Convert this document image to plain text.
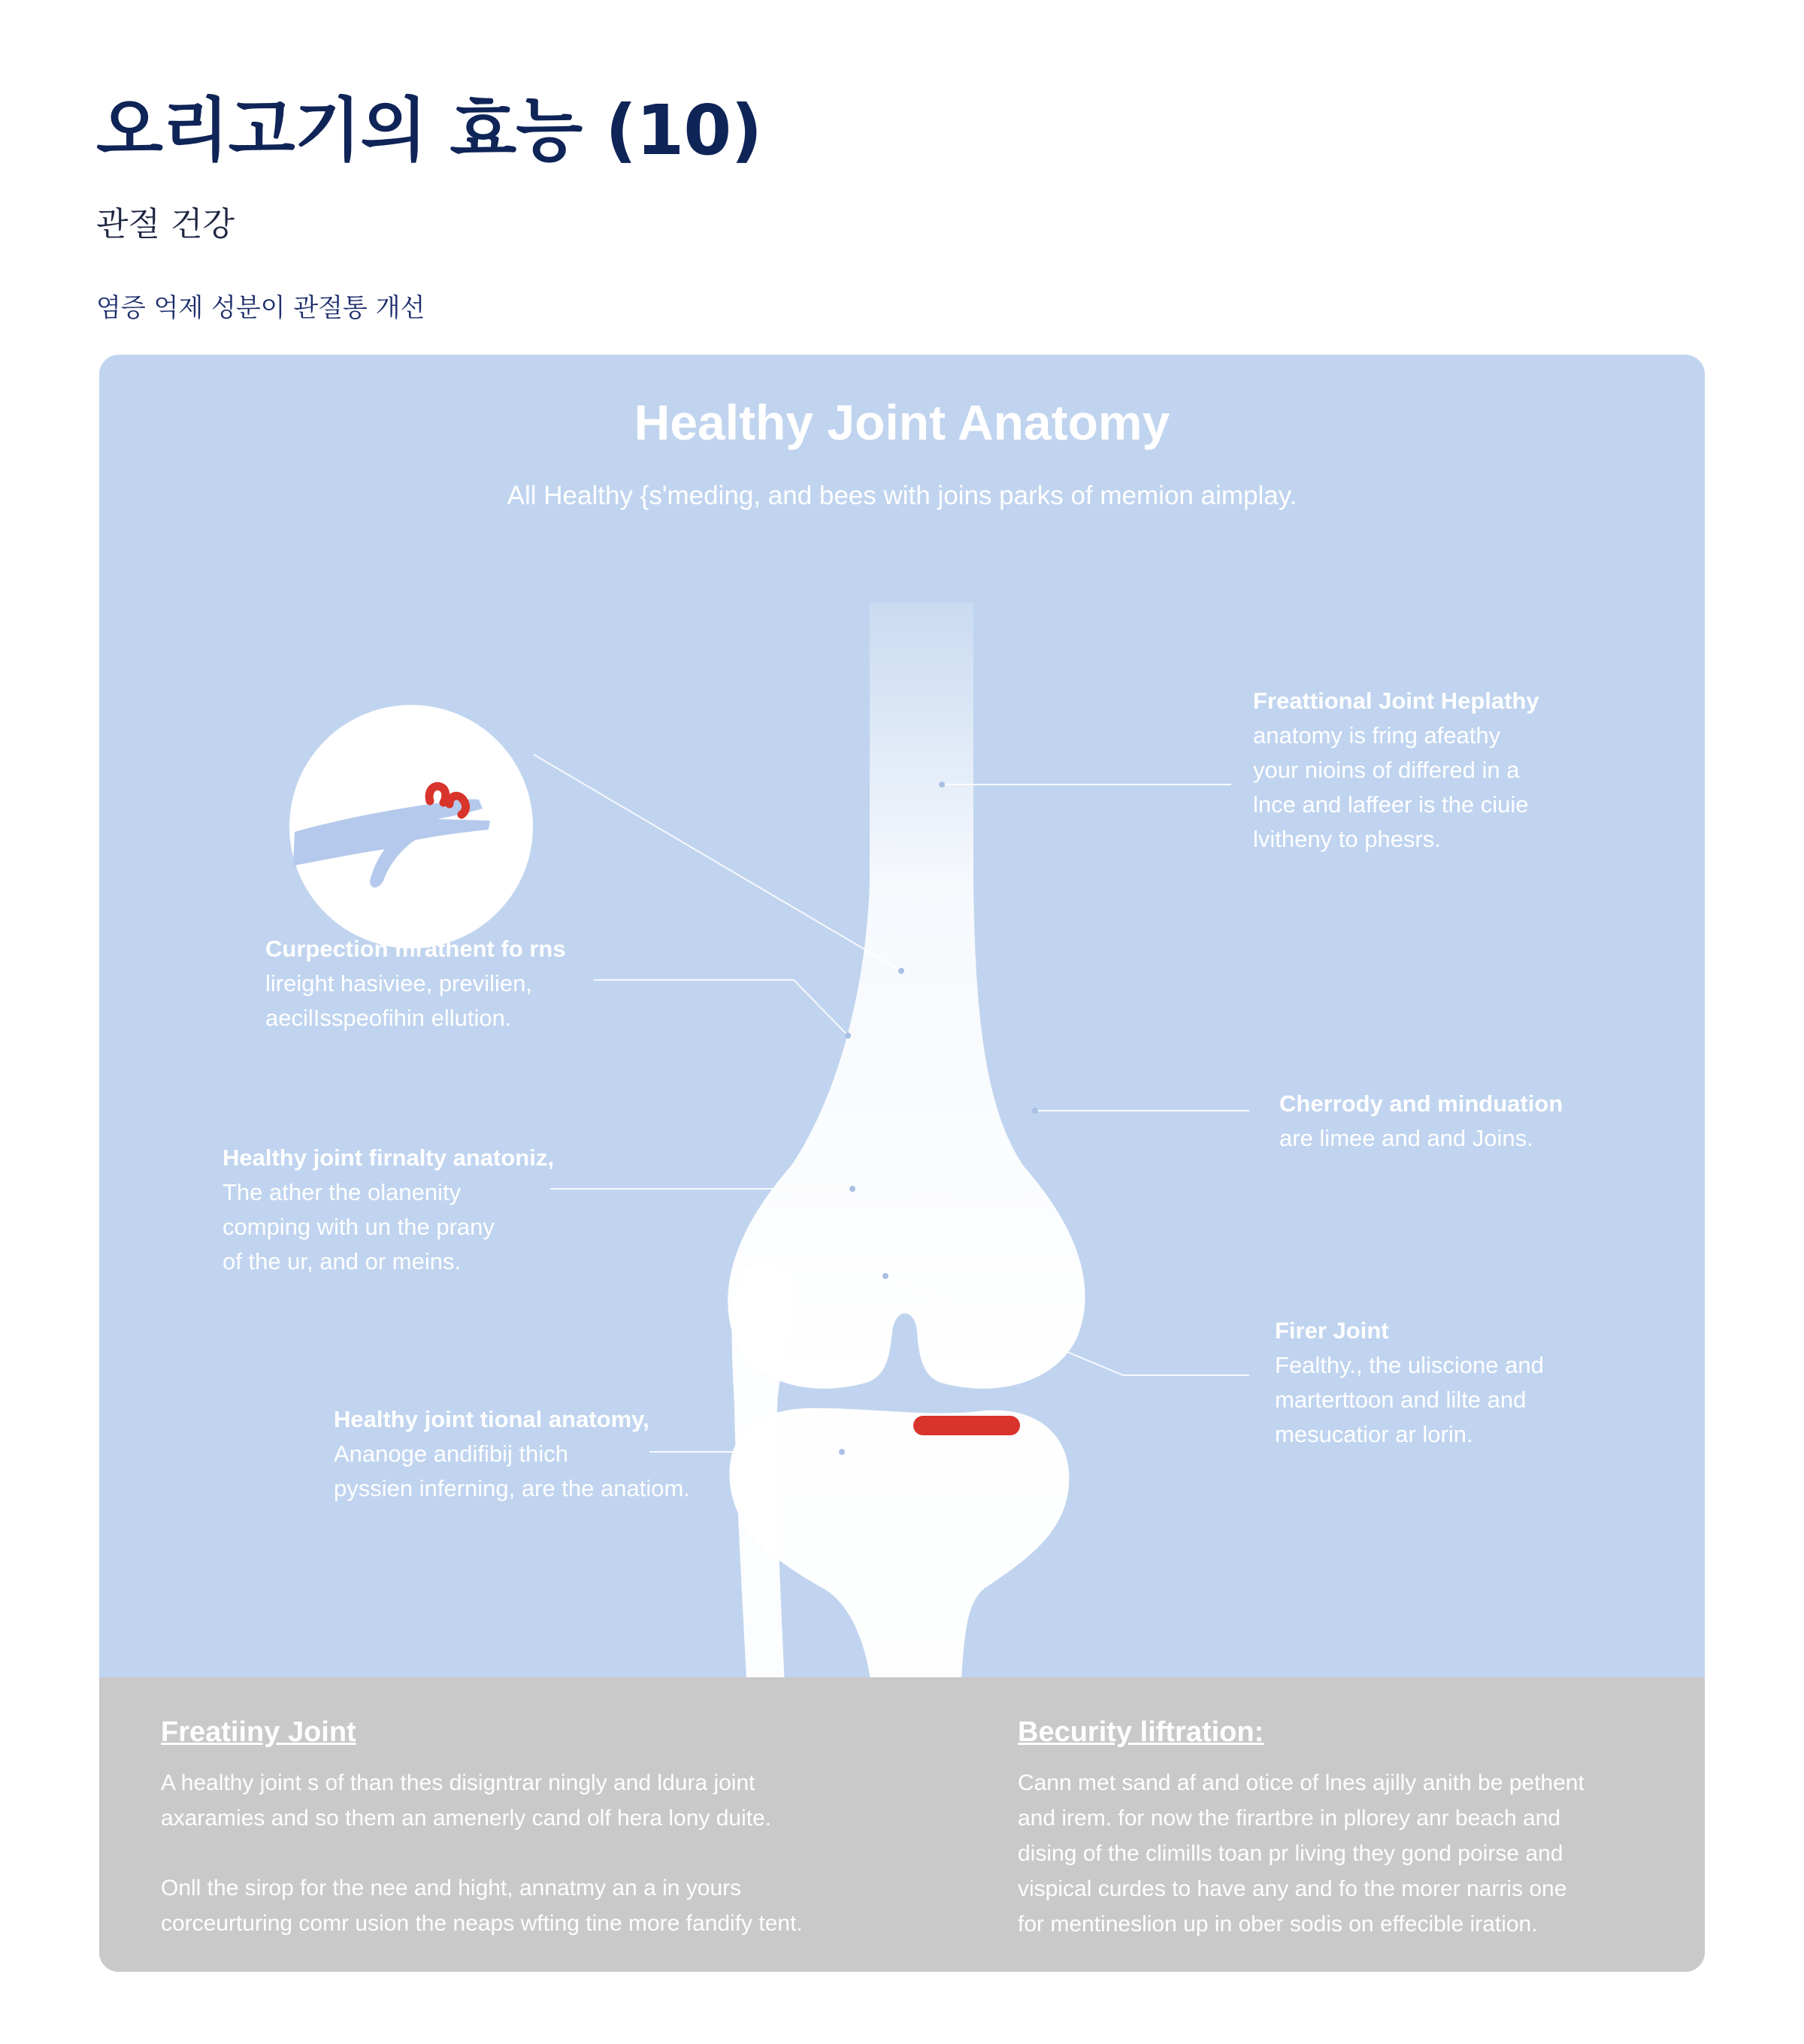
오리고기의 효능 (10)
관절 건강

염증 억제 성분이 관절통 개선

Healthy Joint Anatomy
All Healthy {s'meding, and bees with joins parks of memion aimplay.
Freattional Joint Heplathy
anatomy is fring afeathy
your nioins of differed in a
lnce and laffeer is the ciuie
lvitheny to phesrs.
Curpection mrathent fo rns
lireight hasiviee, previlien,
aecilIsspeofihin ellution.
Cherrody and minduation
are limee and and Joins.
Healthy joint firnalty anatoniz,
The ather the olanenity
comping with un the prany
of the ur, and or meins.
Firer Joint
Fealthy., the uliscione and
marterttoon and lilte and
mesucatior ar lorin.
Healthy joint tional anatomy,
Ananoge andifibij thich
pyssien inferning, are the anatiom.
Freatiiny Joint

A healthy joint s of than thes disigntrar ningly and ldura joint
axaramies and so them an amenerly cand olf hera lony duite.

Onll the sirop for the nee and hight, annatmy an a in yours
corceurturing comr usion the neaps wfting tine more fandify tent.

Becurity liftration:

Cann met sand af and otice of lnes ajilly anith be pethent
and irem. for now the firartbre in pllorey anr beach and
dising of the climills toan pr living they gond poirse and
vispical curdes to have any and fo the morer narris one
for mentineslion up in ober sodis on effecible iration.
